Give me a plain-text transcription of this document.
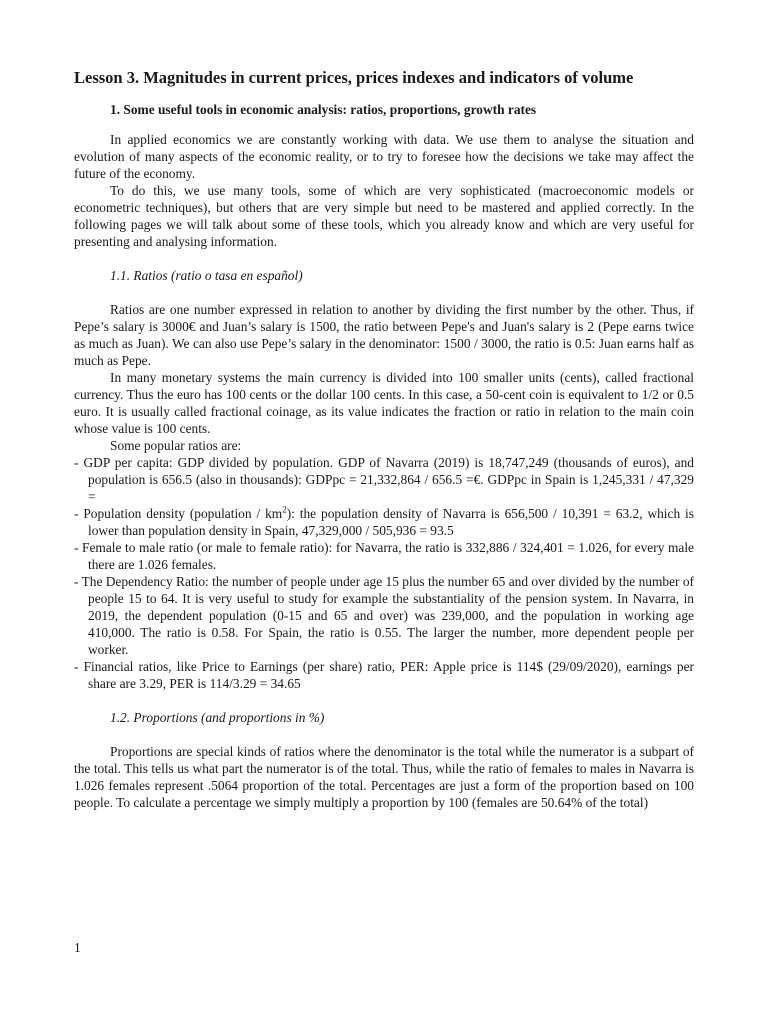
Lesson 3. Magnitudes in current prices, prices indexes and indicators of volume
1. Some useful tools in economic analysis: ratios, proportions, growth rates

In applied economics we are constantly working with data. We use them to analyse the situation and evolution of many aspects of the economic reality, or to try to foresee how the decisions we take may affect the future of the economy.

To do this, we use many tools, some of which are very sophisticated (macroeconomic models or econometric techniques), but others that are very simple but need to be mastered and applied correctly. In the following pages we will talk about some of these tools, which you already know and which are very useful for presenting and analysing information.

1.1. Ratios (ratio o tasa en español)

Ratios are one number expressed in relation to another by dividing the first number by the other. Thus, if Pepe’s salary is 3000€ and Juan’s salary is 1500, the ratio between Pepe's and Juan's salary is 2 (Pepe earns twice as much as Juan). We can also use Pepe’s salary in the denominator: 1500 / 3000, the ratio is 0.5: Juan earns half as much as Pepe.

In many monetary systems the main currency is divided into 100 smaller units (cents), called fractional currency. Thus the euro has 100 cents or the dollar 100 cents. In this case, a 50-cent coin is equivalent to 1/2 or 0.5 euro. It is usually called fractional coinage, as its value indicates the fraction or ratio in relation to the main coin whose value is 100 cents.

Some popular ratios are:

- GDP per capita: GDP divided by population. GDP of Navarra (2019) is 18,747,249 (thousands of euros), and population is 656.5 (also in thousands): GDPpc = 21,332,864 / 656.5 =€. GDPpc in Spain is 1,245,331 / 47,329 =
- Population density (population / $km^2$): the population density of Navarra is 656,500 / 10,391 = 63.2, which is lower than population density in Spain, 47,329,000 / 505,936 = 93.5
- Female to male ratio (or male to female ratio): for Navarra, the ratio is 332,886 / 324,401 = 1.026, for every male there are 1.026 females.
- The Dependency Ratio: the number of people under age 15 plus the number 65 and over divided by the number of people 15 to 64. It is very useful to study for example the substantiality of the pension system. In Navarra, in 2019, the dependent population (0-15 and 65 and over) was 239,000, and the population in working age 410,000. The ratio is 0.58. For Spain, the ratio is 0.55. The larger the number, more dependent people per worker.
- Financial ratios, like Price to Earnings (per share) ratio, PER: Apple price is 114$ (29/09/2020), earnings per share are 3.29, PER is 114/3.29 = 34.65

1.2. Proportions (and proportions in %)

Proportions are special kinds of ratios where the denominator is the total while the numerator is a subpart of the total. This tells us what part the numerator is of the total. Thus, while the ratio of females to males in Navarra is 1.026 females represent .5064 proportion of the total. Percentages are just a form of the proportion based on 100 people. To calculate a percentage we simply multiply a proportion by 100 (females are 50.64% of the total)

1
